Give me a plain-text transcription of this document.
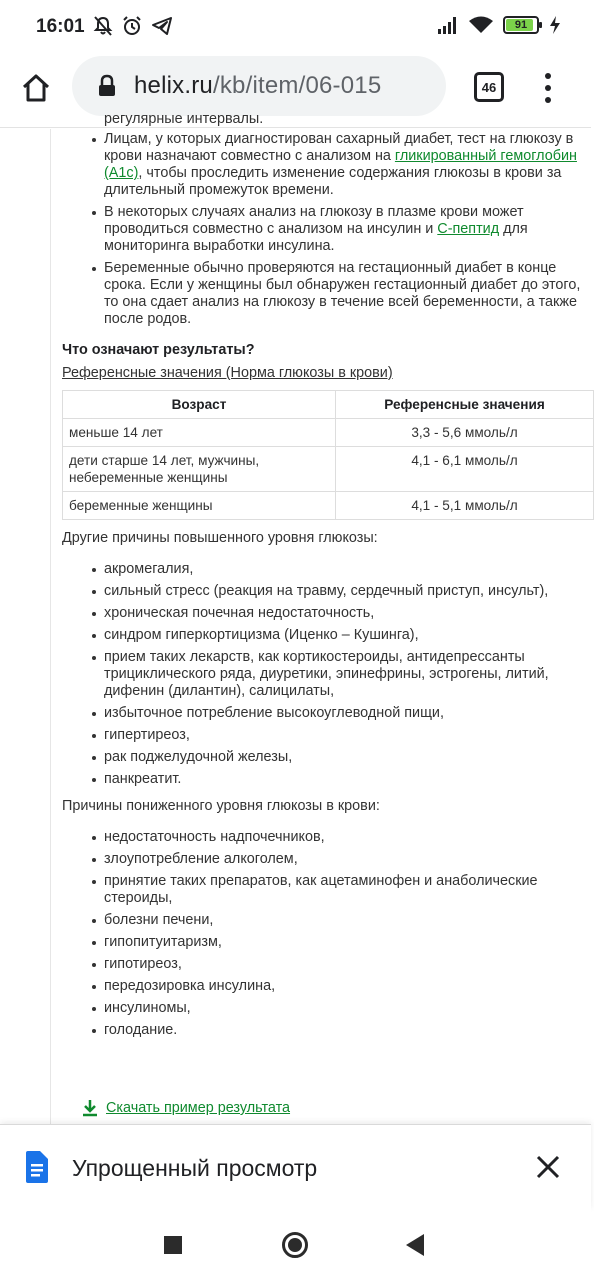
16:01	91
helix.ru/kb/item/06-015	46
регулярные интервалы.
Лицам, у которых диагностирован сахарный диабет, тест на глюкозу в крови назначают совместно с анализом на гликированный гемоглобин (A1c), чтобы проследить изменение содержания глюкозы в крови за длительный промежуток времени.
В некоторых случаях анализ на глюкозу в плазме крови может проводиться совместно с анализом на инсулин и С-пептид для мониторинга выработки инсулина.
Беременные обычно проверяются на гестационный диабет в конце срока. Если у женщины был обнаружен гестационный диабет до этого, то она сдает анализ на глюкозу в течение всей беременности, а также после родов.
Что означают результаты?
Референсные значения (Норма глюкозы в крови)
Возраст	Референсные значения
меньше 14 лет	3,3 - 5,6 ммоль/л
дети старше 14 лет, мужчины, небеременные женщины	4,1 - 6,1 ммоль/л
беременные женщины	4,1 - 5,1 ммоль/л
Другие причины повышенного уровня глюкозы:
акромегалия,
сильный стресс (реакция на травму, сердечный приступ, инсульт),
хроническая почечная недостаточность,
синдром гиперкортицизма (Иценко – Кушинга),
прием таких лекарств, как кортикостероиды, антидепрессанты трициклического ряда, диуретики, эпинефрины, эстрогены, литий, дифенин (дилантин), салицилаты,
избыточное потребление высокоуглеводной пищи,
гипертиреоз,
рак поджелудочной железы,
панкреатит.
Причины пониженного уровня глюкозы в крови:
недостаточность надпочечников,
злоупотребление алкоголем,
принятие таких препаратов, как ацетаминофен и анаболические стероиды,
болезни печени,
гипопитуитаризм,
гипотиреоз,
передозировка инсулина,
инсулиномы,
голодание.
Скачать пример результата
Упрощенный просмотр
